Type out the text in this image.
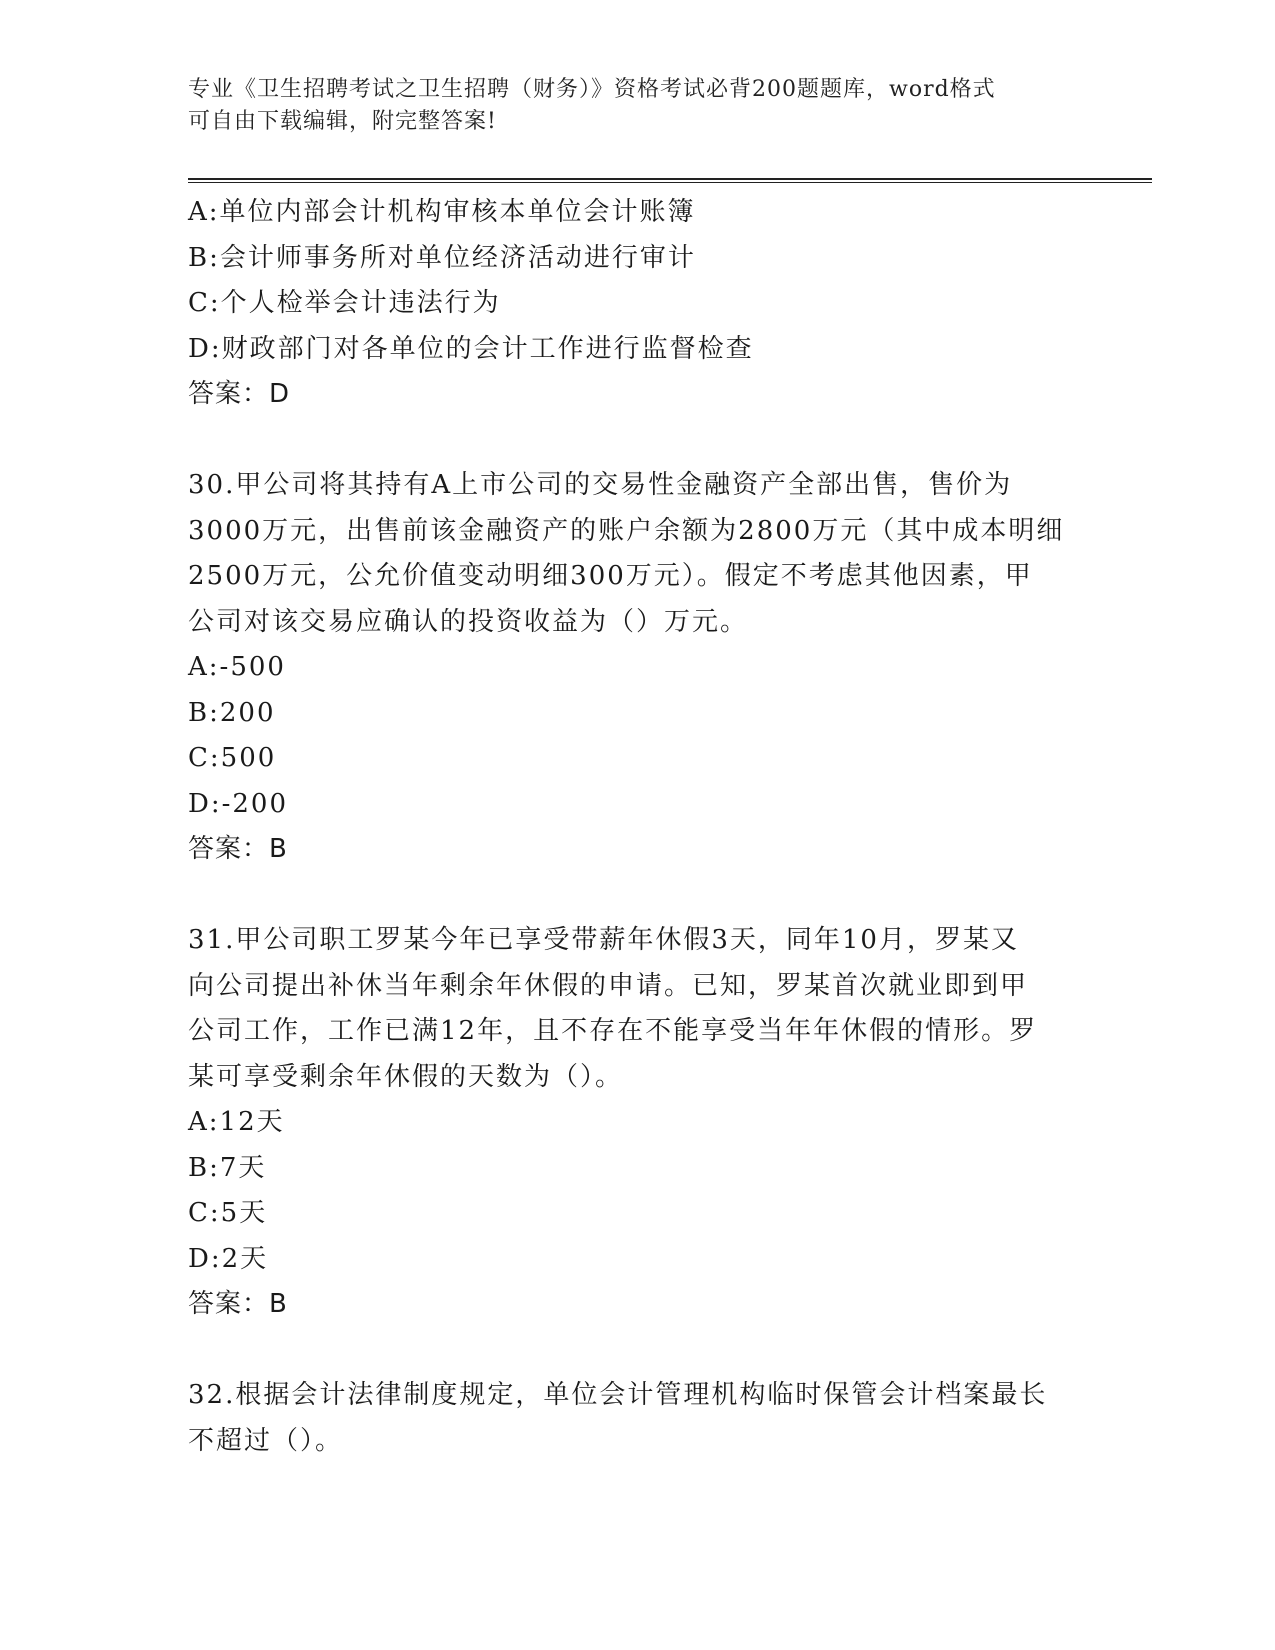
专业《卫生招聘考试之卫生招聘（财务）》资格考试必背200题题库，word格式
可自由下载编辑，附完整答案!
A:单位内部会计机构审核本单位会计账簿
B:会计师事务所对单位经济活动进行审计
C:个人检举会计违法行为
D:财政部门对各单位的会计工作进行监督检查
答案：D
30.甲公司将其持有A上市公司的交易性金融资产全部出售，售价为
3000万元，出售前该金融资产的账户余额为2800万元（其中成本明细
2500万元，公允价值变动明细300万元）。假定不考虑其他因素，甲
公司对该交易应确认的投资收益为（）万元。
A:-500
B:200
C:500
D:-200
答案：B
31.甲公司职工罗某今年已享受带薪年休假3天，同年10月，罗某又
向公司提出补休当年剩余年休假的申请。已知，罗某首次就业即到甲
公司工作，工作已满12年，且不存在不能享受当年年休假的情形。罗
某可享受剩余年休假的天数为（）。
A:12天
B:7天
C:5天
D:2天
答案：B
32.根据会计法律制度规定，单位会计管理机构临时保管会计档案最长
不超过（）。
